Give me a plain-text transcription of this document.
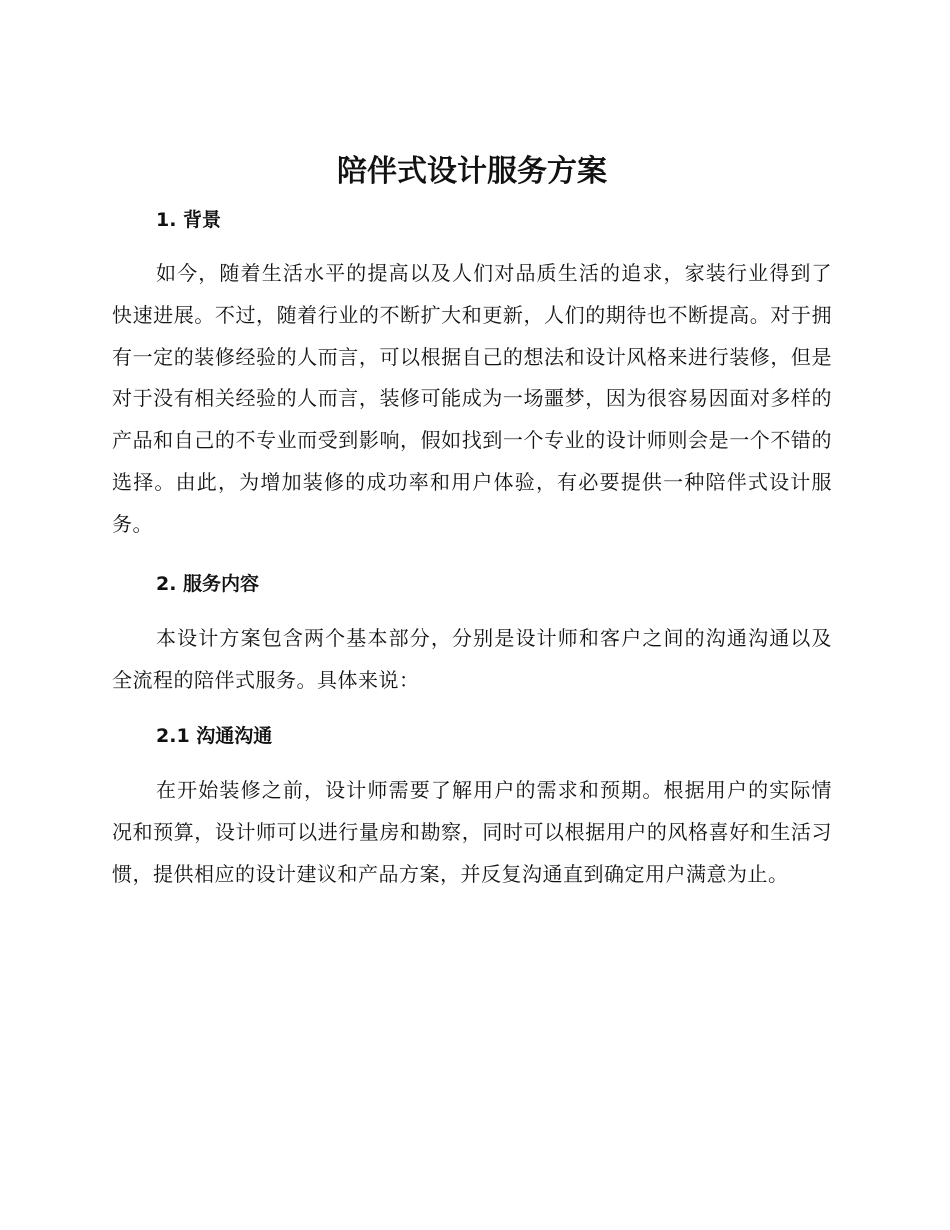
陪伴式设计服务方案
1. 背景

如今，随着生活水平的提高以及人们对品质生活的追求，家装行业得到了快速进展。不过，随着行业的不断扩大和更新，人们的期待也不断提高。对于拥有一定的装修经验的人而言，可以根据自己的想法和设计风格来进行装修，但是对于没有相关经验的人而言，装修可能成为一场噩梦，因为很容易因面对多样的产品和自己的不专业而受到影响，假如找到一个专业的设计师则会是一个不错的选择。由此，为增加装修的成功率和用户体验，有必要提供一种陪伴式设计服务。

2. 服务内容

本设计方案包含两个基本部分，分别是设计师和客户之间的沟通沟通以及全流程的陪伴式服务。具体来说：

2.1 沟通沟通

在开始装修之前，设计师需要了解用户的需求和预期。根据用户的实际情况和预算，设计师可以进行量房和勘察，同时可以根据用户的风格喜好和生活习惯，提供相应的设计建议和产品方案，并反复沟通直到确定用户满意为止。
